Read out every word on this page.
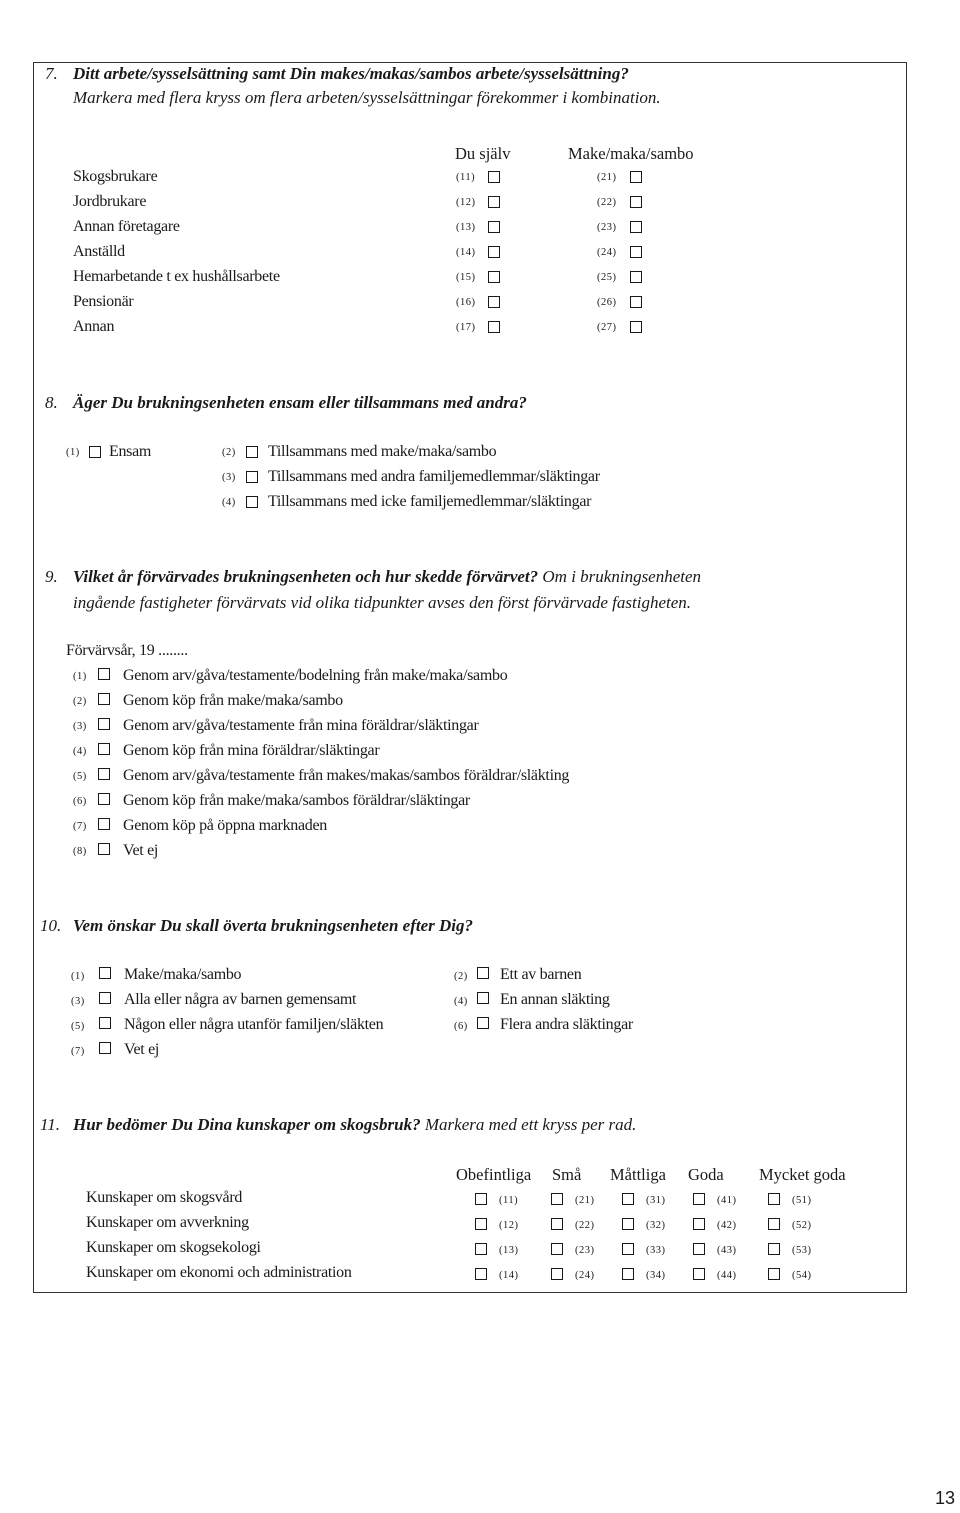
7. Ditt arbete/sysselsättning samt Din makes/makas/sambos arbete/sysselsättning?
Markera med flera kryss om flera arbeten/sysselsättningar förekommer i kombination.
Du själv	Make/maka/sambo
Skogsbrukare	(11)	(21)
Jordbrukare	(12)	(22)
Annan företagare	(13)	(23)
Anställd	(14)	(24)
Hemarbetande t ex hushållsarbete	(15)	(25)
Pensionär	(16)	(26)
Annan	(17)	(27)
8. Äger Du brukningsenheten ensam eller tillsammans med andra?
(1) Ensam	(2) Tillsammans med make/maka/sambo
(3) Tillsammans med andra familjemedlemmar/släktingar
(4) Tillsammans med icke familjemedlemmar/släktingar
9. Vilket år förvärvades brukningsenheten och hur skedde förvärvet? Om i brukningsenheten
ingående fastigheter förvärvats vid olika tidpunkter avses den först förvärvade fastigheten.
Förvärvsår, 19 ........
(1) Genom arv/gåva/testamente/bodelning från make/maka/sambo
(2) Genom köp från make/maka/sambo
(3) Genom arv/gåva/testamente från mina föräldrar/släktingar
(4) Genom köp från mina föräldrar/släktingar
(5) Genom arv/gåva/testamente från makes/makas/sambos föräldrar/släkting
(6) Genom köp från make/maka/sambos föräldrar/släktingar
(7) Genom köp på öppna marknaden
(8) Vet ej
10. Vem önskar Du skall överta brukningsenheten efter Dig?
(1) Make/maka/sambo	(2) Ett av barnen
(3) Alla eller några av barnen gemensamt	(4) En annan släkting
(5) Någon eller några utanför familjen/släkten	(6) Flera andra släktingar
(7) Vet ej
11. Hur bedömer Du Dina kunskaper om skogsbruk? Markera med ett kryss per rad.
Obefintliga Små Måttliga Goda Mycket goda
Kunskaper om skogsvård	(11)	(21)	(31)	(41)	(51)
Kunskaper om avverkning	(12)	(22)	(32)	(42)	(52)
Kunskaper om skogsekologi	(13)	(23)	(33)	(43)	(53)
Kunskaper om ekonomi och administration	(14)	(24)	(34)	(44)	(54)
13
